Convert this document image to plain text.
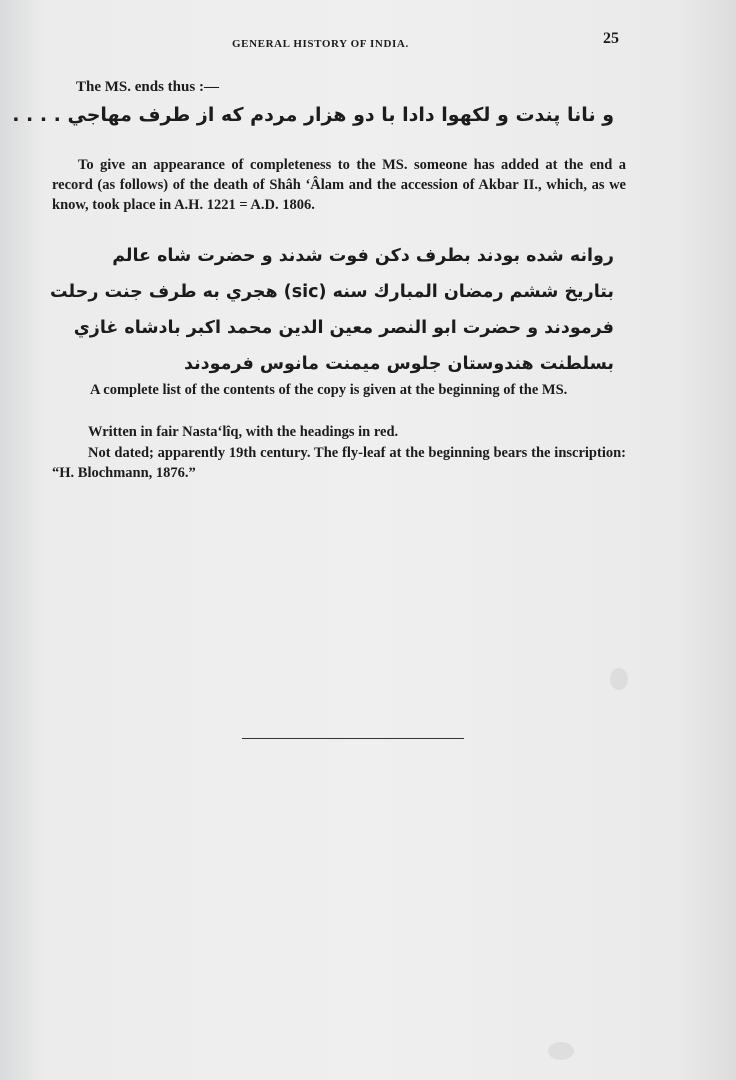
GENERAL HISTORY OF INDIA.	25
The MS. ends thus :—
و نانا پندت و لکهوا دادا با دو هزار مردم که از طرف مهاجي . . . .
To give an appearance of completeness to the MS. someone has added at the end a record (as follows) of the death of Shâh ‘Âlam and the accession of Akbar II., which, as we know, took place in A.H. 1221 = A.D. 1806.
روانه شده بودند بطرف دکن فوت شدند و حضرت شاه عالم
بتاريخ ششم رمضان المبارك سنه (sic) هجري به طرف جنت رحلت
فرمودند و حضرت ابو النصر معين الدين محمد اکبر بادشاه غازي
بسلطنت هندوستان جلوس ميمنت مانوس فرمودند
A complete list of the contents of the copy is given at the beginning of the MS.
Written in fair Nasta‘lîq, with the headings in red.
Not dated; apparently 19th century. The fly-leaf at the beginning bears the inscription: “H. Blochmann, 1876.”
